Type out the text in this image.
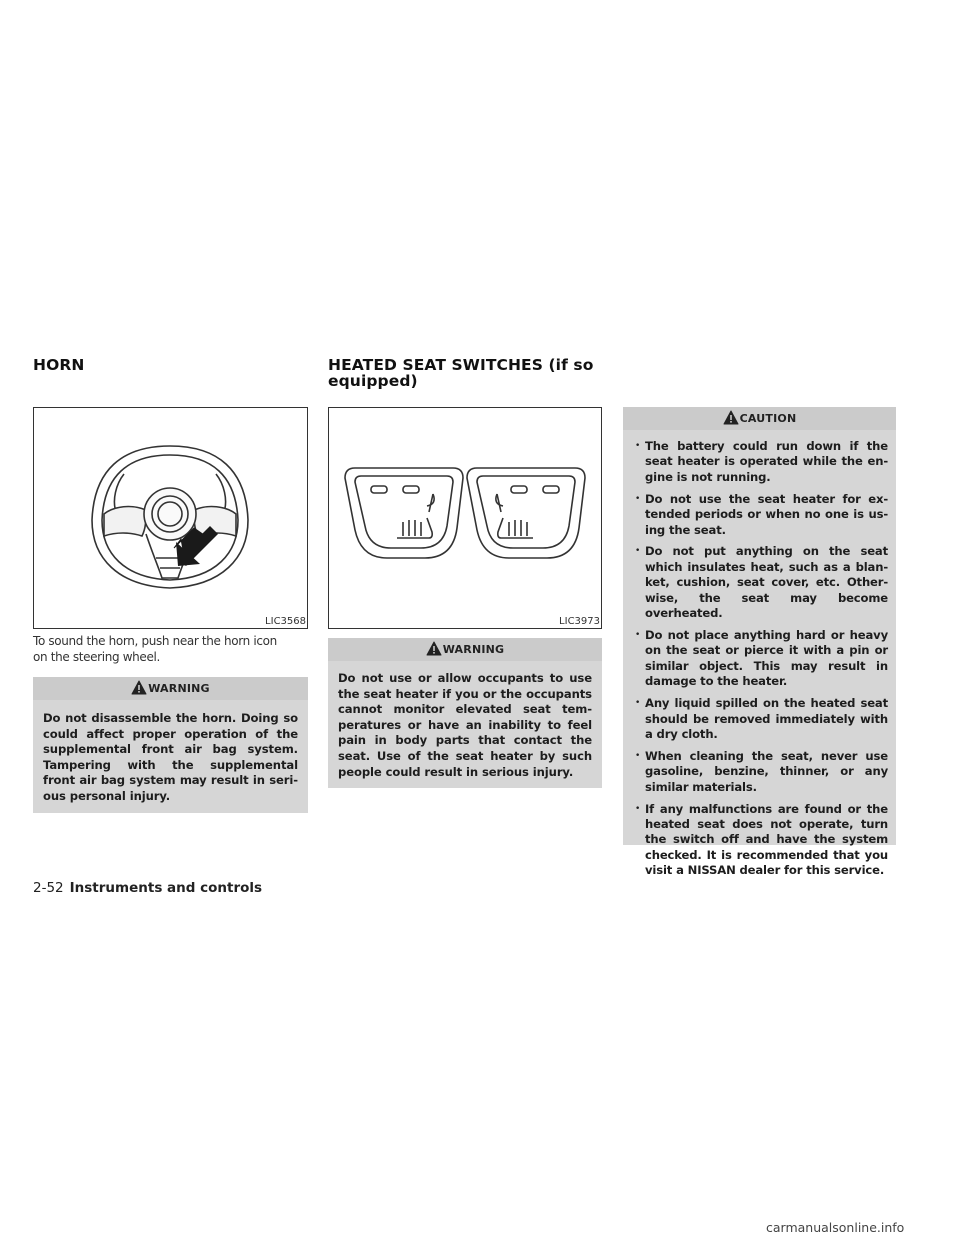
HORN	HEATED SEAT SWITCHES (if so
equipped)
LIC3568	LIC3973
To sound the horn, push near the horn icon
on the steering wheel.
WARNING
Do not disassemble the horn. Doing so
could affect proper operation of the
supplemental front air bag system.
Tampering with the supplemental
front air bag system may result in seri-
ous personal injury.
WARNING
Do not use or allow occupants to use
the seat heater if you or the occupants
cannot monitor elevated seat tem-
peratures or have an inability to feel
pain in body parts that contact the
seat. Use of the seat heater by such
people could result in serious injury.
CAUTION
• The battery could run down if the seat heater is operated while the en-gine is not running.
• Do not use the seat heater for ex-tended periods or when no one is us-ing the seat.
• Do not put anything on the seat which insulates heat, such as a blan-ket, cushion, seat cover, etc. Other-wise, the seat may become overheated.
• Do not place anything hard or heavy on the seat or pierce it with a pin or similar object. This may result in damage to the heater.
• Any liquid spilled on the heated seat should be removed immediately with a dry cloth.
• When cleaning the seat, never use gasoline, benzine, thinner, or any similar materials.
• If any malfunctions are found or the heated seat does not operate, turn the switch off and have the system checked. It is recommended that you visit a NISSAN dealer for this service.
2-52 Instruments and controls
carmanualsonline.info
